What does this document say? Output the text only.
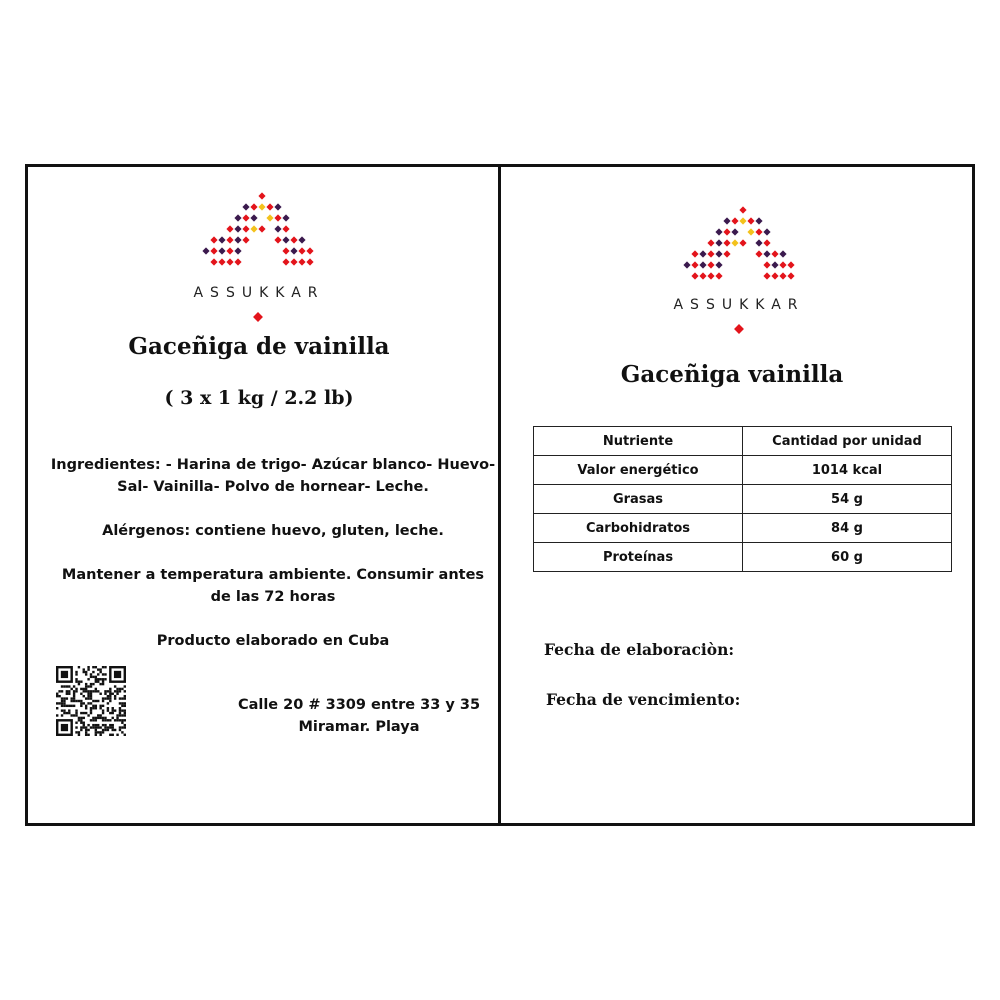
ASSUKKAR
Gaceñiga de vainilla
( 3 x 1 kg / 2.2 lb)
Ingredientes: - Harina de trigo- Azúcar blanco- Huevo-
Sal- Vainilla- Polvo de hornear- Leche.
Alérgenos: contiene huevo, gluten, leche.
Mantener a temperatura ambiente. Consumir antes
de las 72 horas
Producto elaborado en Cuba
Calle 20 # 3309 entre 33 y 35
Miramar. Playa
ASSUKKAR
Gaceñiga vainilla
Nutriente	Cantidad por unidad
Valor energético	1014 kcal
Grasas	54 g
Carbohidratos	84 g
Proteínas	60 g
Fecha de elaboraciòn:
Fecha de vencimiento:
